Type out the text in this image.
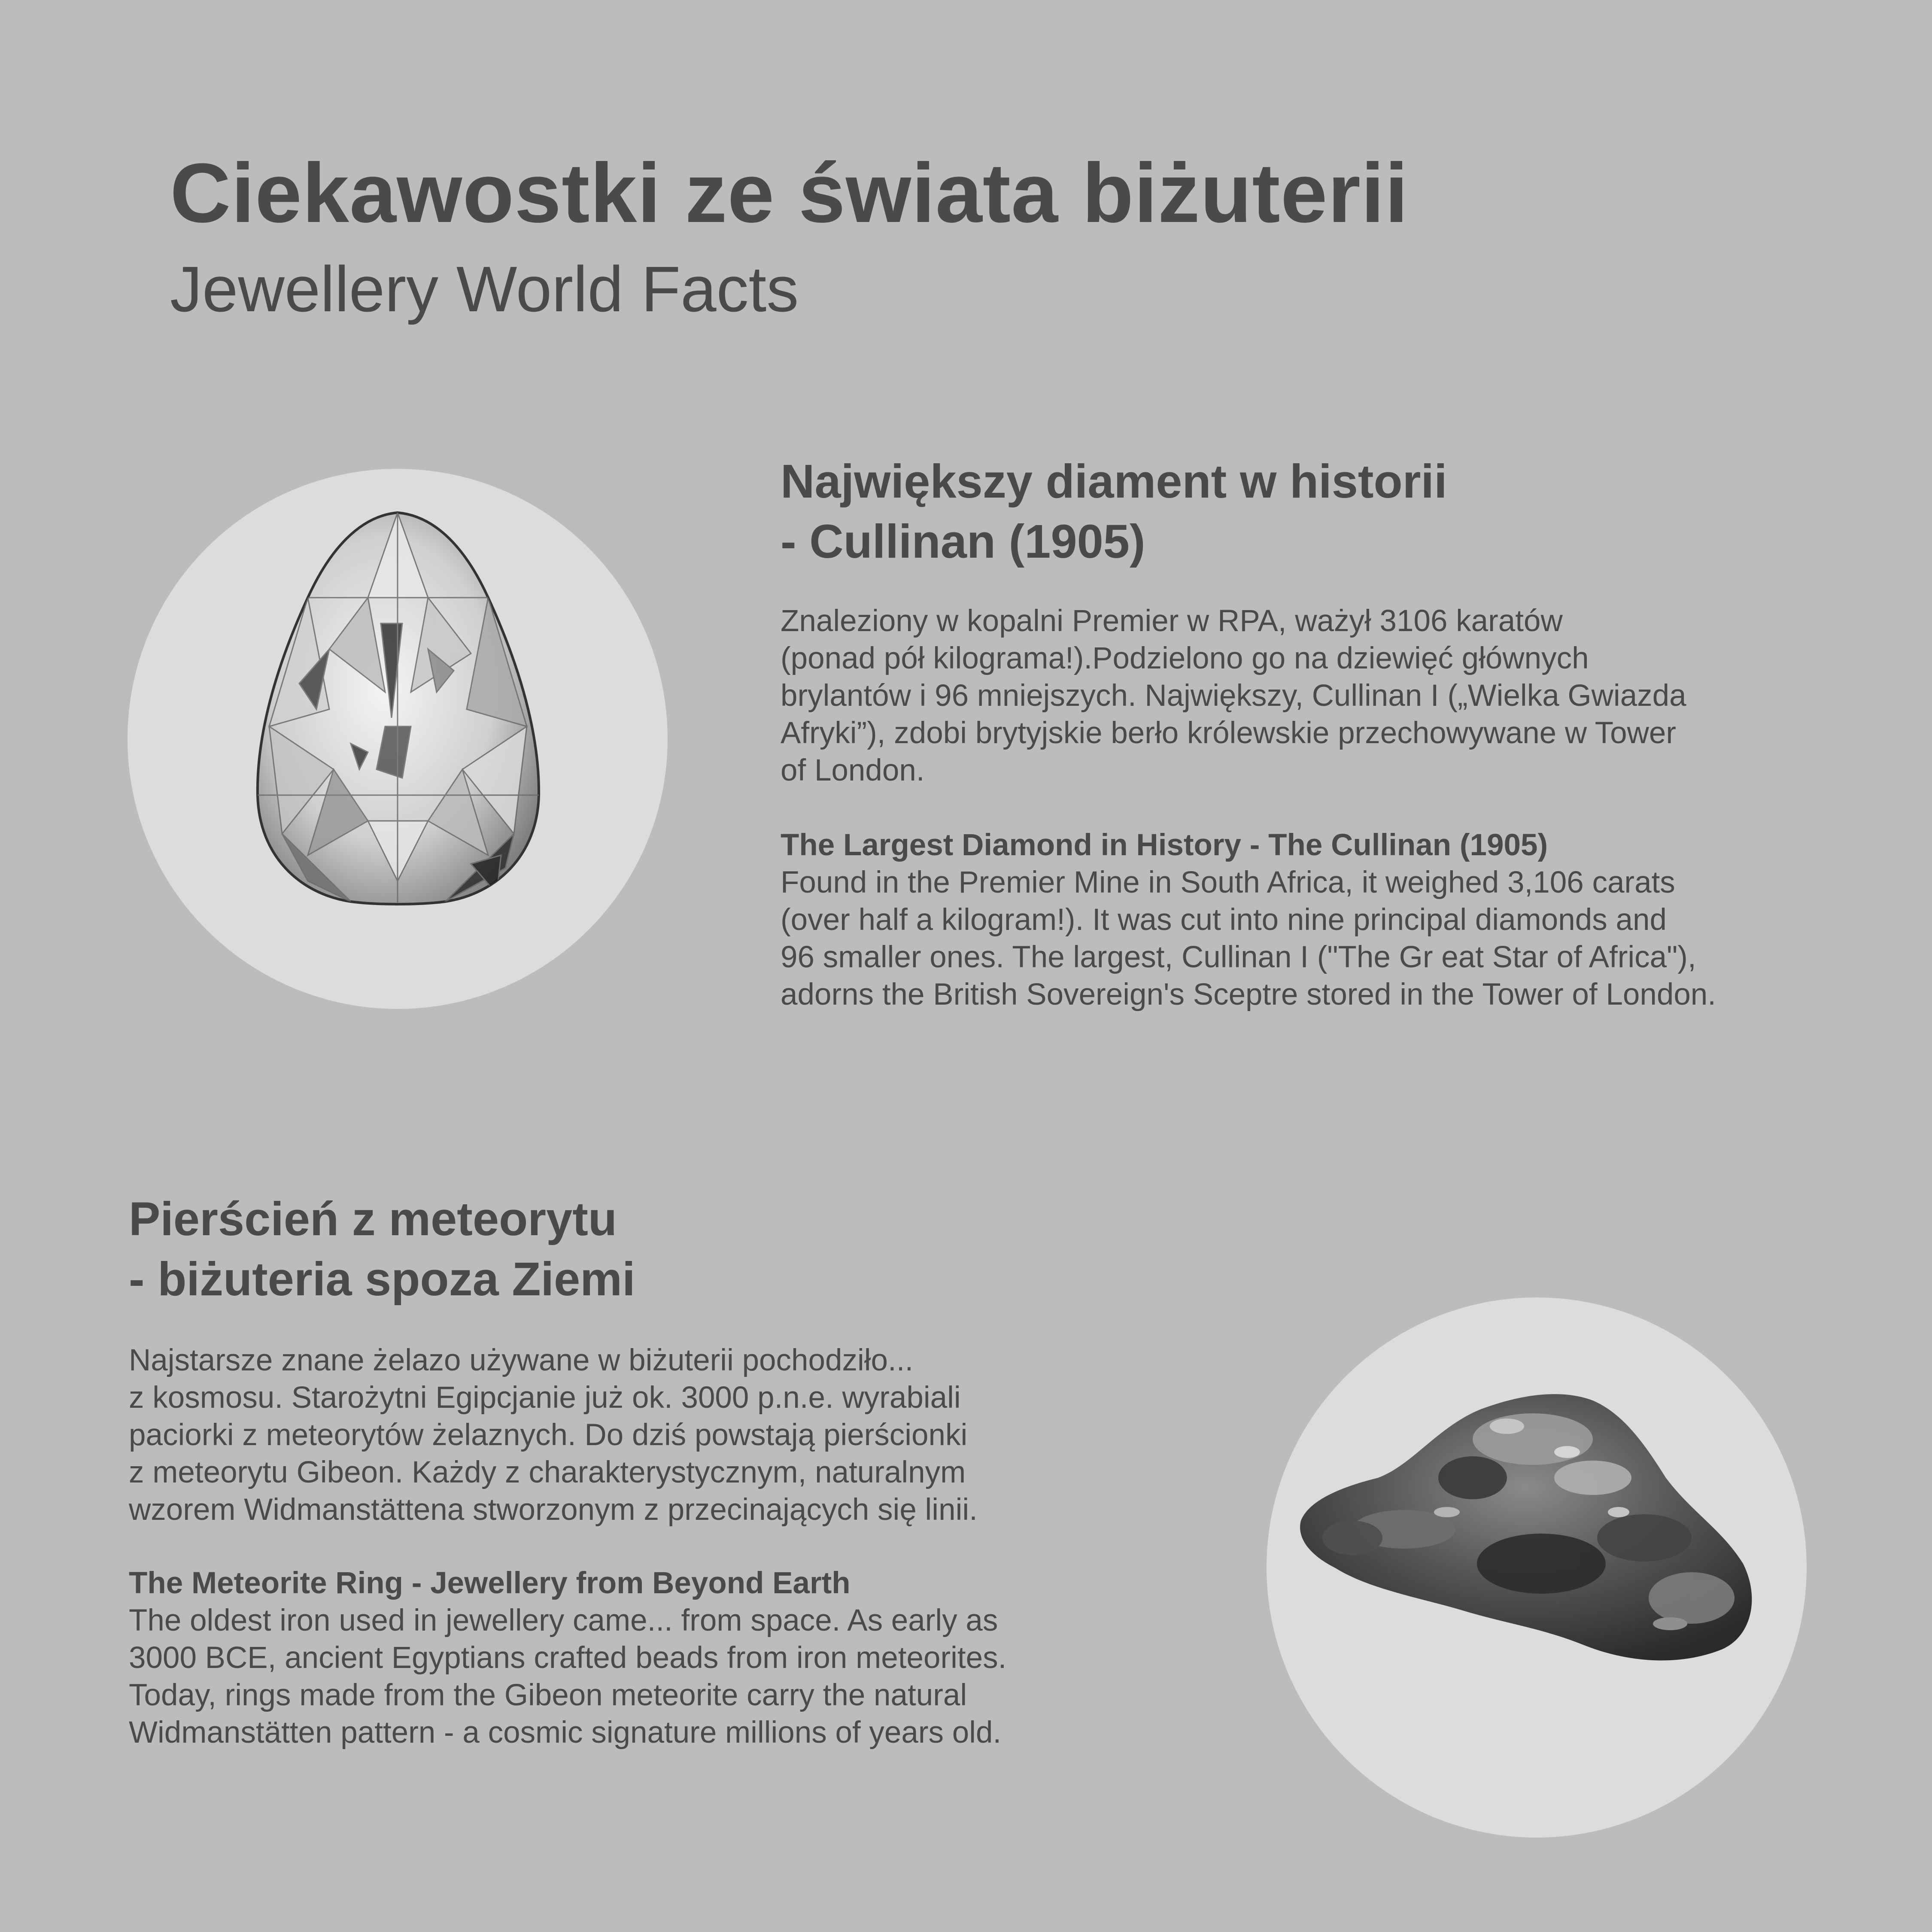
Ciekawostki ze świata biżuterii
Jewellery World Facts
Największy diament w historii
- Cullinan (1905)
Znaleziony w kopalni Premier w RPA, ważył 3106 karatów
(ponad pół kilograma!).Podzielono go na dziewięć głównych
brylantów i 96 mniejszych. Największy, Cullinan I („Wielka Gwiazda
Afryki”), zdobi brytyjskie berło królewskie przechowywane w Tower
of London.
The Largest Diamond in History - The Cullinan (1905)
Found in the Premier Mine in South Africa, it weighed 3,106 carats
(over half a kilogram!). It was cut into nine principal diamonds and
96 smaller ones. The largest, Cullinan I ("The Gr eat Star of Africa"),
adorns the British Sovereign's Sceptre stored in the Tower of London.
Pierścień z meteorytu
- biżuteria spoza Ziemi
Najstarsze znane żelazo używane w biżuterii pochodziło...
z kosmosu. Starożytni Egipcjanie już ok. 3000 p.n.e. wyrabiali
paciorki z meteorytów żelaznych. Do dziś powstają pierścionki
z meteorytu Gibeon. Każdy z charakterystycznym, naturalnym
wzorem Widmanstättena stworzonym z przecinających się linii.
The Meteorite Ring - Jewellery from Beyond Earth
The oldest iron used in jewellery came... from space. As early as
3000 BCE, ancient Egyptians crafted beads from iron meteorites.
Today, rings made from the Gibeon meteorite carry the natural
Widmanstätten pattern - a cosmic signature millions of years old.
